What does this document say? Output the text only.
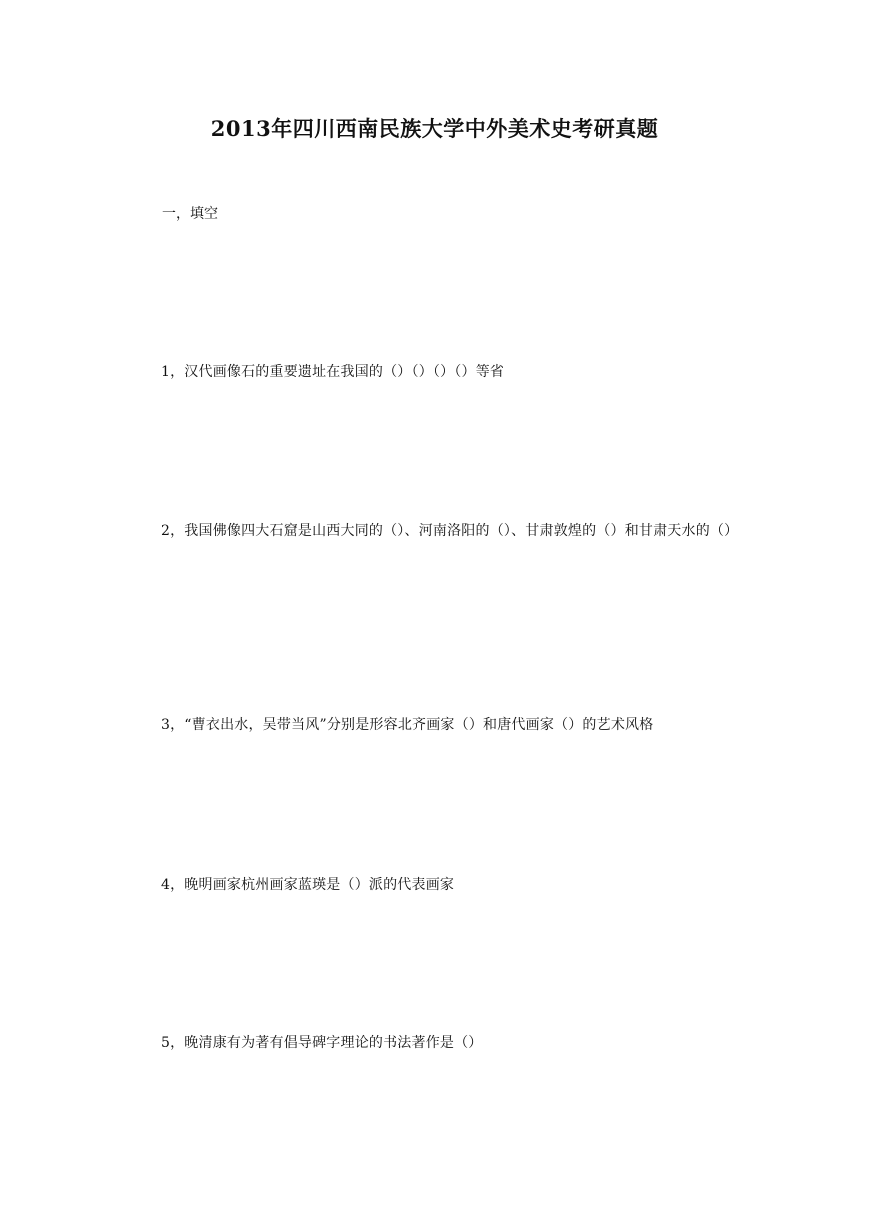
2013年四川西南民族大学中外美术史考研真题

一，填空

1，汉代画像石的重要遗址在我国的（）（）（）（）等省

2，我国佛像四大石窟是山西大同的（）、河南洛阳的（）、甘肃敦煌的（）和甘肃天水的（）

3，“曹衣出水，吴带当风”分别是形容北齐画家（）和唐代画家（）的艺术风格

4，晚明画家杭州画家蓝瑛是（）派的代表画家

5，晚清康有为著有倡导碑字理论的书法著作是（）
